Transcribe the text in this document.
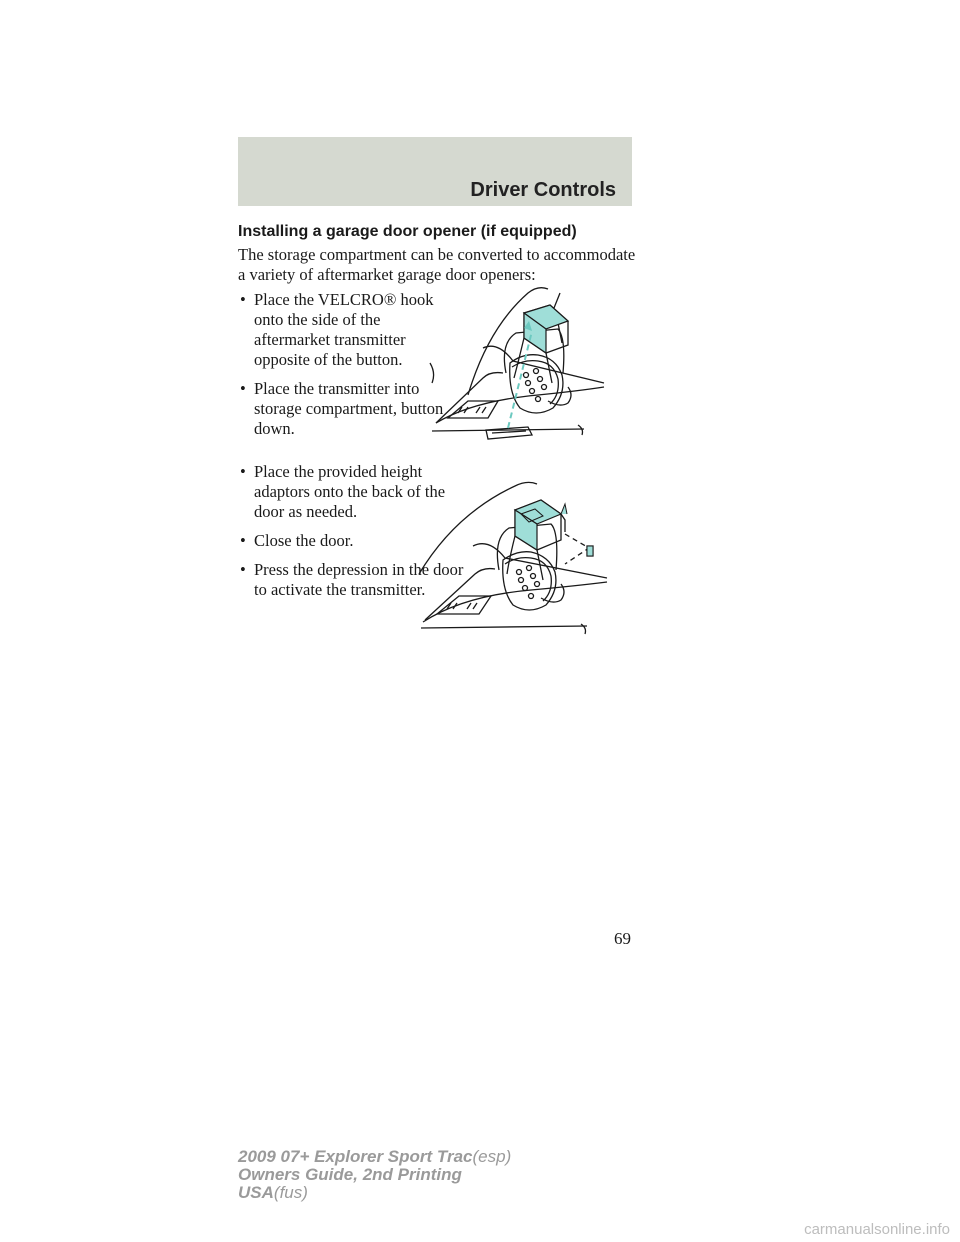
Driver Controls
Installing a garage door opener (if equipped)
The storage compartment can be converted to accommodate a variety of aftermarket garage door openers:
• Place the VELCRO® hook onto the side of the aftermarket transmitter opposite of the button.
• Place the transmitter into storage compartment, button down.
• Place the provided height adaptors onto the back of the door as needed.
• Close the door.
• Press the depression in the door to activate the transmitter.
69
2009 07+ Explorer Sport Trac(esp)
Owners Guide, 2nd Printing
USA(fus)
carmanualsonline.info
